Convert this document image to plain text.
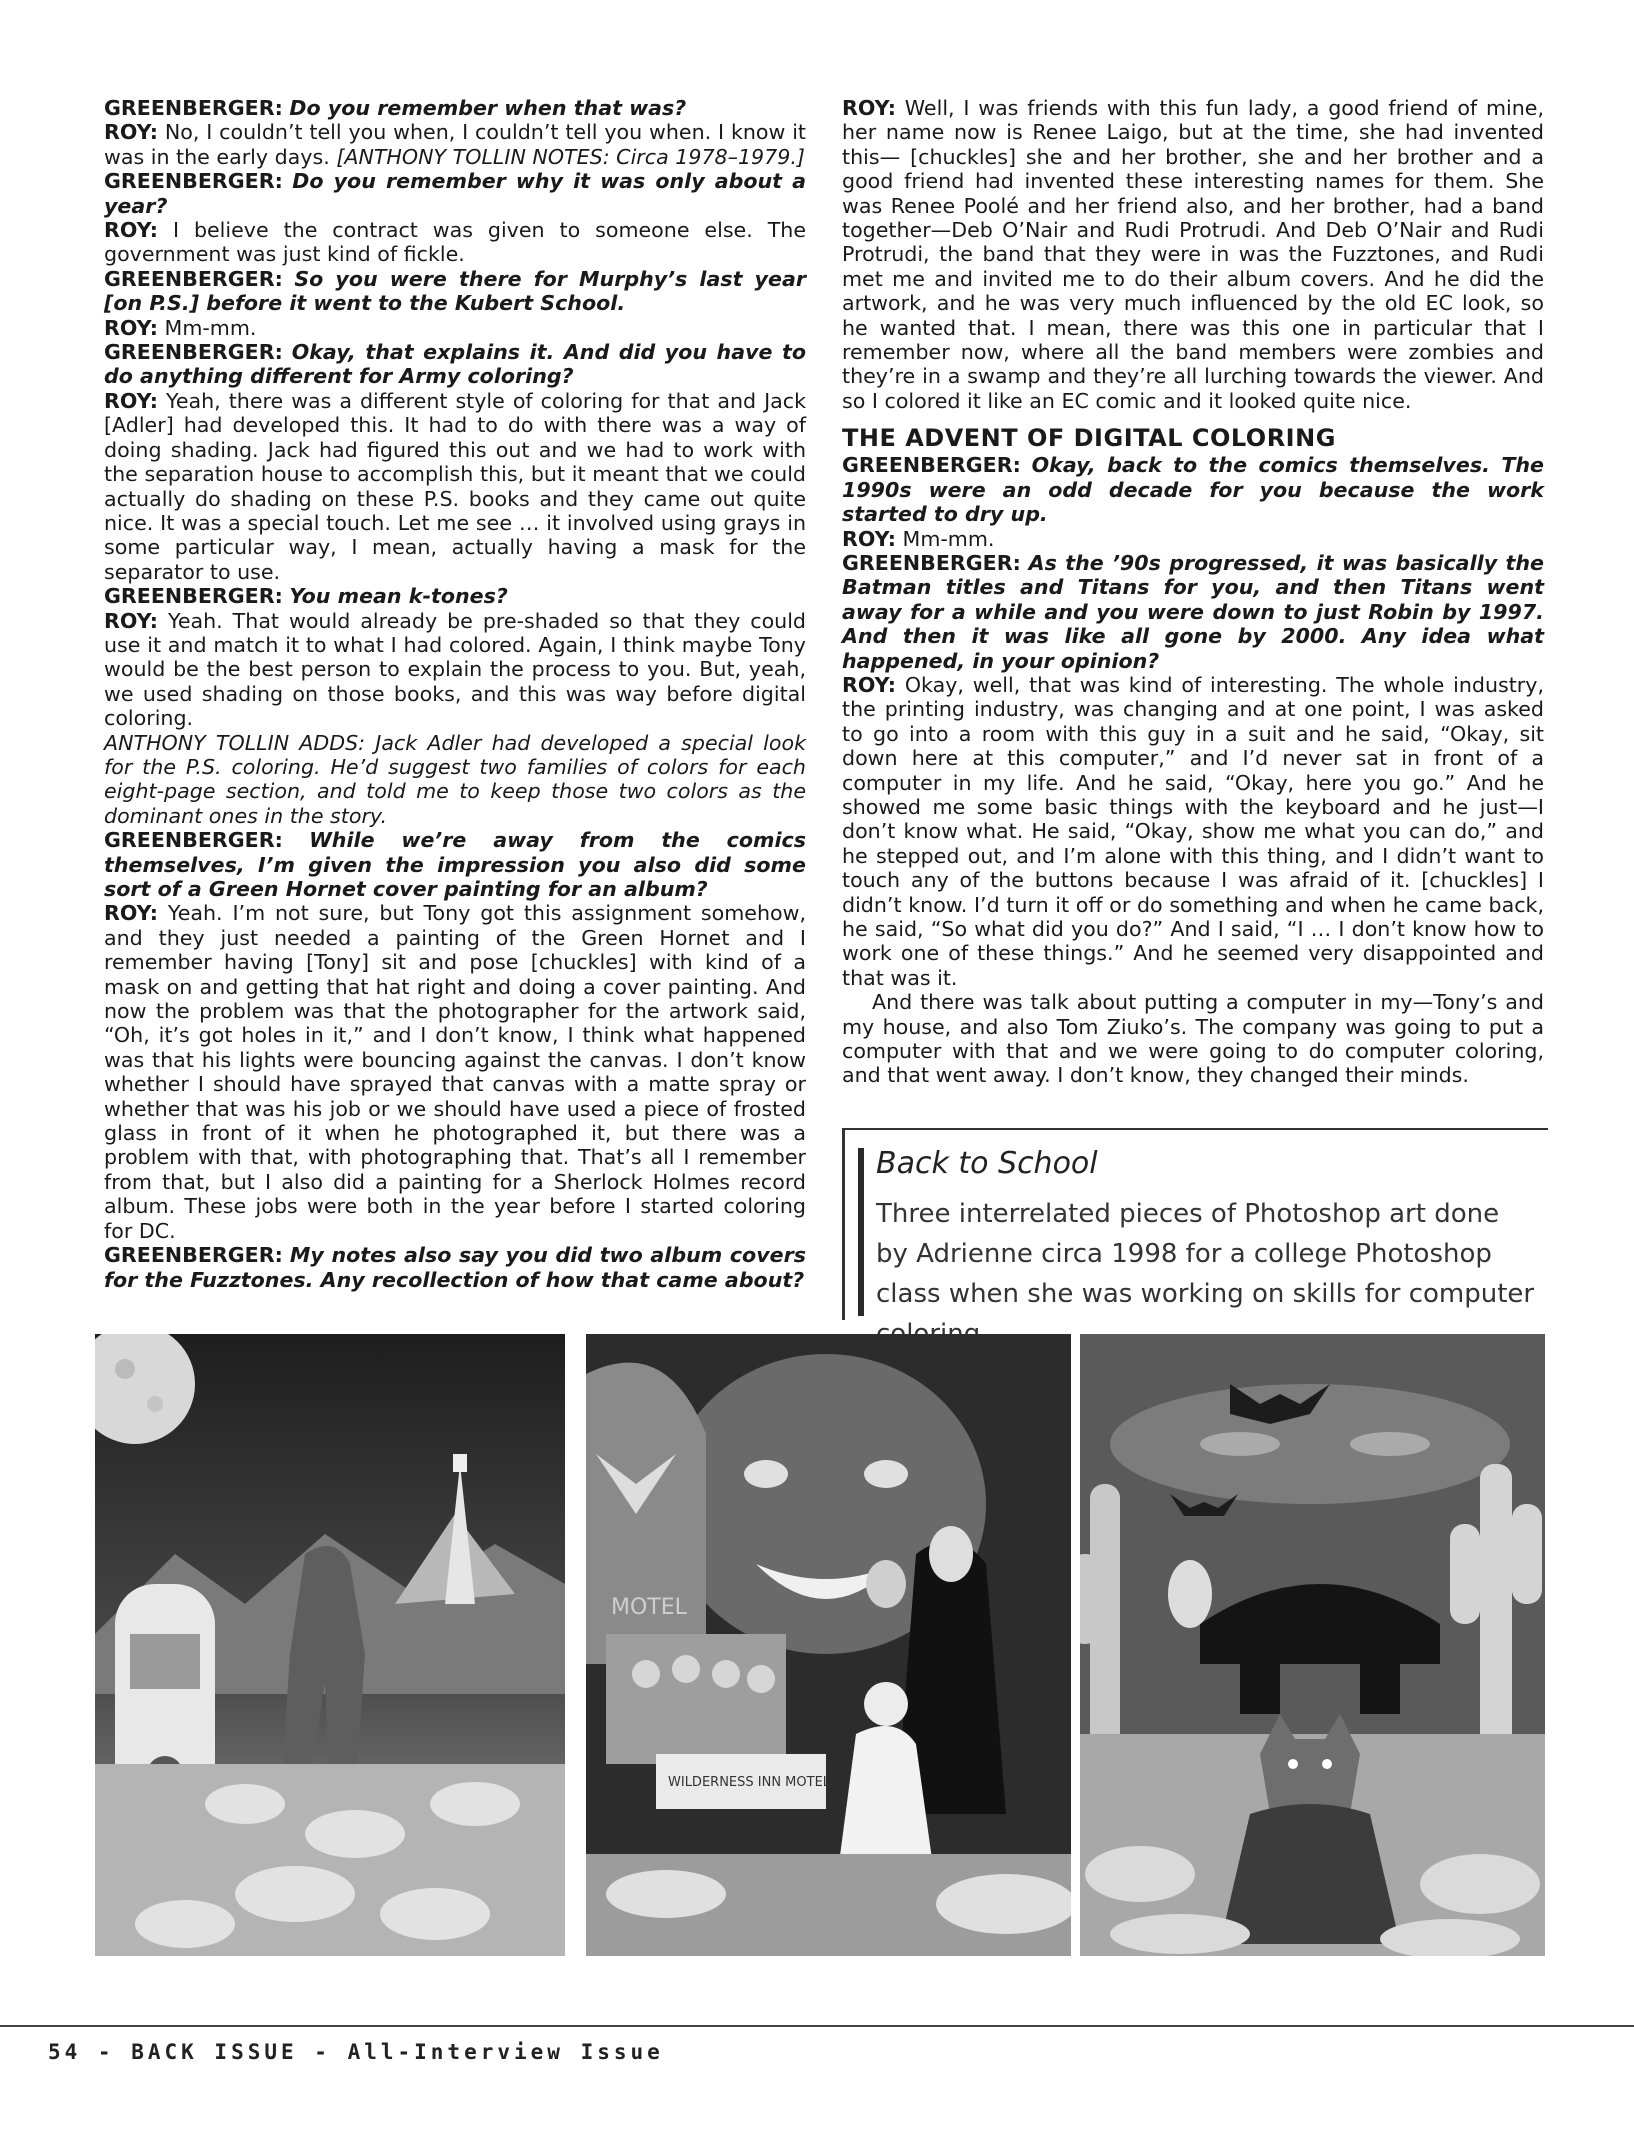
GREENBERGER: Do you remember when that was?

ROY: No, I couldn’t tell you when, I couldn’t tell you when. I know it was in the early days. [ANTHONY TOLLIN NOTES: Circa 1978–1979.]

GREENBERGER: Do you remember why it was only about a year?

ROY: I believe the contract was given to someone else. The government was just kind of fickle.

GREENBERGER: So you were there for Murphy’s last year [on P.S.] before it went to the Kubert School.

ROY: Mm-mm.

GREENBERGER: Okay, that explains it. And did you have to do anything different for Army coloring?

ROY: Yeah, there was a different style of coloring for that and Jack [Adler] had developed this. It had to do with there was a way of doing shading. Jack had figured this out and we had to work with the separation house to accomplish this, but it meant that we could actually do shading on these P.S. books and they came out quite nice. It was a special touch. Let me see … it involved using grays in some particular way, I mean, actually having a mask for the separator to use.

GREENBERGER: You mean k-tones?

ROY: Yeah. That would already be pre-shaded so that they could use it and match it to what I had colored. Again, I think maybe Tony would be the best person to explain the process to you. But, yeah, we used shading on those books, and this was way before digital coloring.

ANTHONY TOLLIN ADDS: Jack Adler had developed a special look for the P.S. coloring. He’d suggest two families of colors for each eight-page section, and told me to keep those two colors as the dominant ones in the story.

GREENBERGER: While we’re away from the comics themselves, I’m given the impression you also did some sort of a Green Hornet cover painting for an album?

ROY: Yeah. I’m not sure, but Tony got this assignment somehow, and they just needed a painting of the Green Hornet and I remember having [Tony] sit and pose [chuckles] with kind of a mask on and getting that hat right and doing a cover painting. And now the problem was that the photographer for the artwork said, “Oh, it’s got holes in it,” and I don’t know, I think what happened was that his lights were bouncing against the canvas. I don’t know whether I should have sprayed that canvas with a matte spray or whether that was his job or we should have used a piece of frosted glass in front of it when he photographed it, but there was a problem with that, with photographing that. That’s all I remember from that, but I also did a painting for a Sherlock Holmes record album. These jobs were both in the year before I started coloring for DC.

GREENBERGER: My notes also say you did two album covers for the Fuzztones. Any recollection of how that came about?

ROY: Well, I was friends with this fun lady, a good friend of mine, her name now is Renee Laigo, but at the time, she had invented this— [chuckles] she and her brother, she and her brother and a good friend had invented these interesting names for them. She was Renee Poolé and her friend also, and her brother, had a band together—Deb O’Nair and Rudi Protrudi. And Deb O’Nair and Rudi Protrudi, the band that they were in was the Fuzztones, and Rudi met me and invited me to do their album covers. And he did the artwork, and he was very much influenced by the old EC look, so he wanted that. I mean, there was this one in particular that I remember now, where all the band members were zombies and they’re in a swamp and they’re all lurching towards the viewer. And so I colored it like an EC comic and it looked quite nice.

THE ADVENT OF DIGITAL COLORING

GREENBERGER: Okay, back to the comics themselves. The 1990s were an odd decade for you because the work started to dry up.

ROY: Mm-mm.

GREENBERGER: As the ’90s progressed, it was basically the Batman titles and Titans for you, and then Titans went away for a while and you were down to just Robin by 1997. And then it was like all gone by 2000. Any idea what happened, in your opinion?

ROY: Okay, well, that was kind of interesting. The whole industry, the printing industry, was changing and at one point, I was asked to go into a room with this guy in a suit and he said, “Okay, sit down here at this computer,” and I’d never sat in front of a computer in my life. And he said, “Okay, here you go.” And he showed me some basic things with the keyboard and he just—I don’t know what. He said, “Okay, show me what you can do,” and he stepped out, and I’m alone with this thing, and I didn’t want to touch any of the buttons because I was afraid of it. [chuckles] I didn’t know. I’d turn it off or do something and when he came back, he said, “So what did you do?” And I said, “I … I don’t know how to work one of these things.” And he seemed very disappointed and that was it.

And there was talk about putting a computer in my—Tony’s and my house, and also Tom Ziuko’s. The company was going to put a computer with that and we were going to do computer coloring, and that went away. I don’t know, they changed their minds.

Back to School

Three interrelated pieces of Photoshop art done by Adrienne circa 1998 for a college Photoshop class when she was working on skills for computer

MOTEL
WILDERNESS INN MOTEL
54 - BACK ISSUE - All-Interview Issue
